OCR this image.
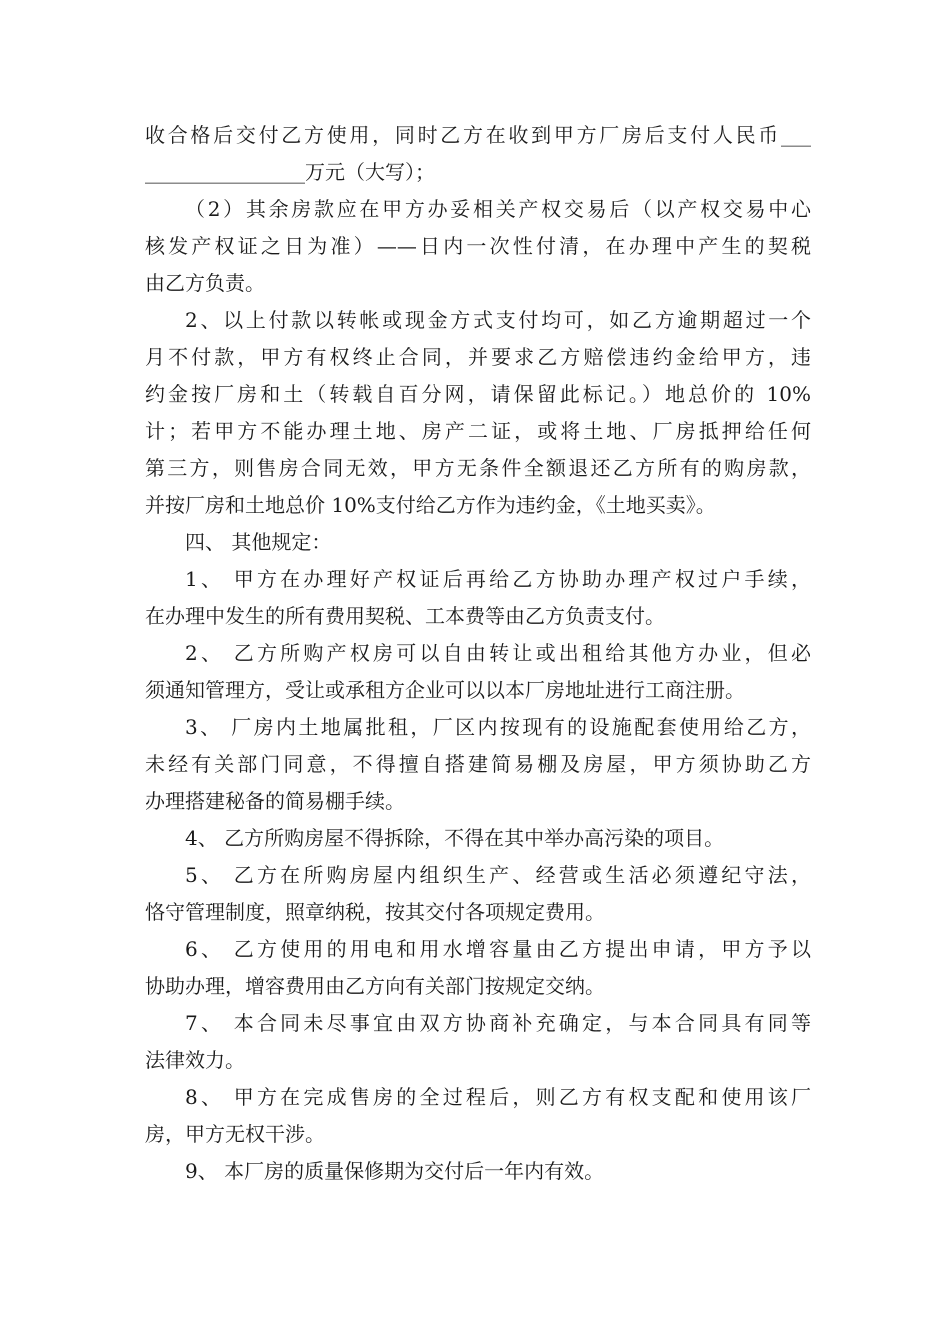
收合格后交付乙方使用，同时乙方在收到甲方厂房后支付人民币___
________________万元（大写）；
（2）其余房款应在甲方办妥相关产权交易后（以产权交易中心
核发产权证之日为准）——日内一次性付清，在办理中产生的契税
由乙方负责。
2、以上付款以转帐或现金方式支付均可，如乙方逾期超过一个
月不付款，甲方有权终止合同，并要求乙方赔偿违约金给甲方，违
约金按厂房和土（转载自百分网，请保留此标记。）地总价的 10%
计；若甲方不能办理土地、房产二证，或将土地、厂房抵押给任何
第三方，则售房合同无效，甲方无条件全额退还乙方所有的购房款，
并按厂房和土地总价 10%支付给乙方作为违约金，《土地买卖》。
四、 其他规定：
1、 甲方在办理好产权证后再给乙方协助办理产权过户手续，
在办理中发生的所有费用契税、工本费等由乙方负责支付。
2、 乙方所购产权房可以自由转让或出租给其他方办业，但必
须通知管理方，受让或承租方企业可以以本厂房地址进行工商注册。
3、 厂房内土地属批租，厂区内按现有的设施配套使用给乙方，
未经有关部门同意，不得擅自搭建简易棚及房屋，甲方须协助乙方
办理搭建秘备的简易棚手续。
4、 乙方所购房屋不得拆除，不得在其中举办高污染的项目。
5、 乙方在所购房屋内组织生产、经营或生活必须遵纪守法，
恪守管理制度，照章纳税，按其交付各项规定费用。
6、 乙方使用的用电和用水增容量由乙方提出申请，甲方予以
协助办理，增容费用由乙方向有关部门按规定交纳。
7、 本合同未尽事宜由双方协商补充确定，与本合同具有同等
法律效力。
8、 甲方在完成售房的全过程后，则乙方有权支配和使用该厂
房，甲方无权干涉。
9、 本厂房的质量保修期为交付后一年内有效。
